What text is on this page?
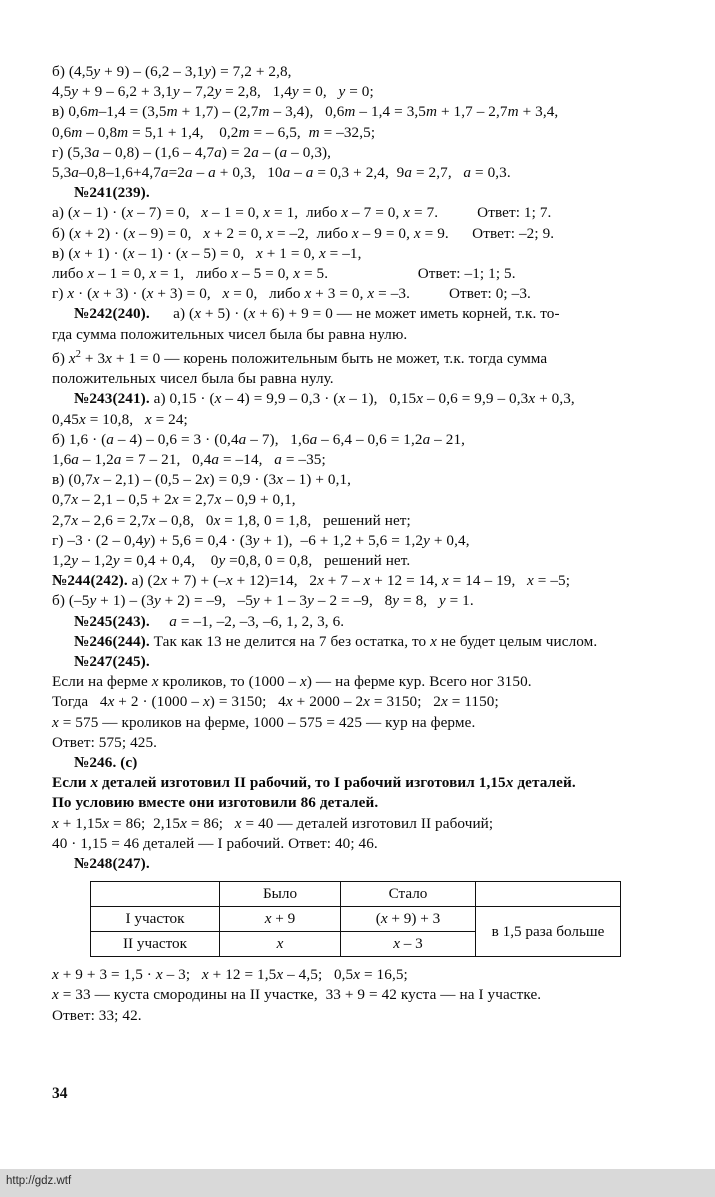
б) (4,5у + 9) – (6,2 – 3,1у) = 7,2 + 2,8,
4,5у + 9 – 6,2 + 3,1у – 7,2у = 2,8,   1,4у = 0,   у = 0;
в) 0,6m–1,4 = (3,5m + 1,7) – (2,7m – 3,4),   0,6m – 1,4 = 3,5m + 1,7 – 2,7m + 3,4,
0,6m – 0,8m = 5,1 + 1,4,    0,2m = – 6,5,  m = –32,5;
г) (5,3а – 0,8) – (1,6 – 4,7а) = 2а – (а – 0,3),
5,3а–0,8–1,6+4,7а=2а – а + 0,3,   10а – а = 0,3 + 2,4,  9а = 2,7,   а = 0,3.
№241(239).
а) (х – 1) · (х – 7) = 0,   х – 1 = 0, х = 1,  либо х – 7 = 0, х = 7.          Ответ: 1; 7.
б) (х + 2) · (х – 9) = 0,   х + 2 = 0, х = –2,  либо х – 9 = 0, х = 9.      Ответ: –2; 9.
в) (х + 1) · (х – 1) · (х – 5) = 0,   х + 1 = 0, х = –1,
либо х – 1 = 0, х = 1,   либо х – 5 = 0, х = 5.                       Ответ: –1; 1; 5.
г) х · (х + 3) · (х + 3) = 0,   х = 0,   либо х + 3 = 0, х = –3.          Ответ: 0; –3.
№242(240).      а) (х + 5) · (х + 6) + 9 = 0 — не может иметь корней, т.к. то-
гда сумма положительных чисел была бы равна нулю.
б) $х^2 + 3х + 1 = 0$ — корень положительным быть не может, т.к. тогда сумма
положительных чисел была бы равна нулу.
№243(241). а) 0,15 · (х – 4) = 9,9 – 0,3 · (х – 1),   0,15х – 0,6 = 9,9 – 0,3х + 0,3,
0,45х = 10,8,   х = 24;
б) 1,6 · (а – 4) – 0,6 = 3 · (0,4а – 7),   1,6а – 6,4 – 0,6 = 1,2а – 21,
1,6а – 1,2а = 7 – 21,   0,4а = –14,   а = –35;
в) (0,7х – 2,1) – (0,5 – 2х) = 0,9 · (3х – 1) + 0,1,
0,7х – 2,1 – 0,5 + 2х = 2,7х – 0,9 + 0,1,
2,7х – 2,6 = 2,7х – 0,8,   0х = 1,8, 0 = 1,8,   решений нет;
г) –3 · (2 – 0,4у) + 5,6 = 0,4 · (3у + 1),  –6 + 1,2 + 5,6 = 1,2у + 0,4,
1,2у – 1,2у = 0,4 + 0,4,    0у =0,8, 0 = 0,8,   решений нет.
№244(242). а) (2х + 7) + (–х + 12)=14,   2х + 7 – х + 12 = 14, х = 14 – 19,   х = –5;
б) (–5у + 1) – (3у + 2) = –9,   –5у + 1 – 3у – 2 = –9,   8у = 8,   у = 1.
№245(243). а = –1, –2, –3, –6, 1, 2, 3, 6.
№246(244). Так как 13 не делится на 7 без остатка, то х не будет целым числом.
№247(245).
Если на ферме х кроликов, то (1000 – х) — на ферме кур. Всего ног 3150.
Тогда   4х + 2 · (1000 – х) = 3150;   4х + 2000 – 2х = 3150;   2х = 1150;
х = 575 — кроликов на ферме, 1000 – 575 = 425 — кур на ферме.
Ответ: 575; 425.
№246. (с)
Если х деталей изготовил II рабочий, то I рабочий изготовил 1,15х деталей.
По условию вместе они изготовили 86 деталей.
х + 1,15х = 86;  2,15х = 86;   х = 40 — деталей изготовил II рабочий;
40 · 1,15 = 46 деталей — I рабочий. Ответ: 40; 46.
№248(247).
	Было	Стало	
I участок	х + 9	(х + 9) + 3	в 1,5 раза больше
II участок	х	х – 3	
х + 9 + 3 = 1,5 · х – 3;   х + 12 = 1,5х – 4,5;   0,5х = 16,5;
х = 33 — куста смородины на II участке,  33 + 9 = 42 куста — на I участке.
Ответ: 33; 42.
34
http://gdz.wtf
